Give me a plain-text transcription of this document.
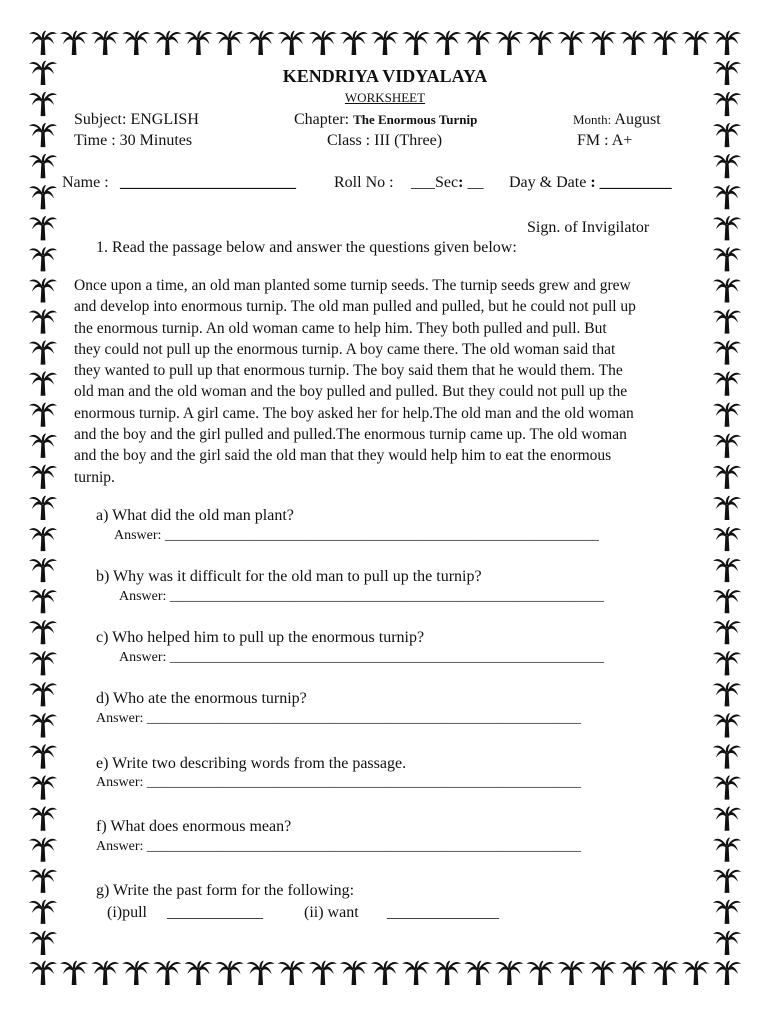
KENDRIYA VIDYALAYA
WORKSHEET
Subject: ENGLISH	Chapter: The Enormous Turnip	Month: August
Time : 30 Minutes	Class : III (Three)	FM : A+
Name : ______________________ Roll No : ___Sec: __ Day & Date : _________
Sign. of Invigilator
1. Read the passage below and answer the questions given below:
Once upon a time, an old man planted some turnip seeds. The turnip seeds grew and grew
and develop into enormous turnip. The old man pulled and pulled, but he could not pull up
the enormous turnip. An old woman came to help him. They both pulled and pull. But
they could not pull up the enormous turnip. A boy came there. The old woman said that
they wanted to pull up that enormous turnip. The boy said them that he would them. The
old man and the old woman and the boy pulled and pulled. But they could not pull up the
enormous turnip. A girl came. The boy asked her for help.The old man and the old woman
and the boy and the girl pulled and pulled.The enormous turnip came up. The old woman
and the boy and the girl said the old man that they would help him to eat the enormous
turnip.
a) What did the old man plant?
Answer: ______________________________________________________________
b) Why was it difficult for the old man to pull up the turnip?
Answer: ______________________________________________________________
c) Who helped him to pull up the enormous turnip?
Answer: ______________________________________________________________
d) Who ate the enormous turnip?
Answer: ______________________________________________________________
e) Write two describing words from the passage.
Answer: ______________________________________________________________
f) What does enormous mean?
Answer: ______________________________________________________________
g) Write the past form for the following:
(i)pull ____________	(ii) want ______________
